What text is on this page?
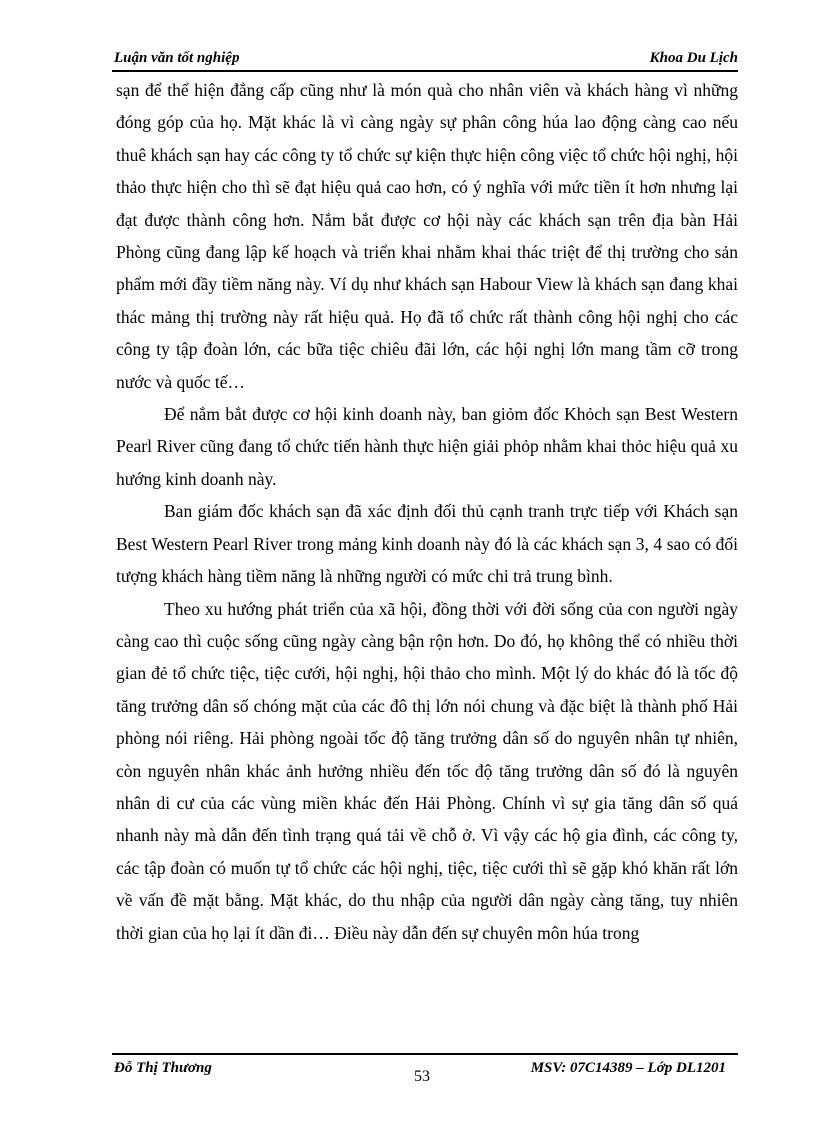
Luận văn tốt nghiệp	Khoa Du Lịch

sạn để thể hiện đẳng cấp cũng như là món quà cho nhân viên và khách hàng vì những đóng góp của họ. Mặt khác là vì càng ngày sự phân công húa lao động càng cao nếu thuê khách sạn hay các công ty tổ chức sự kiện thực hiện công việc tổ chức hội nghị, hội thảo thực hiện cho thì sẽ đạt hiệu quả cao hơn, có ý nghĩa với mức tiền ít hơn nhưng lại đạt được thành công hơn. Nắm bắt được cơ hội này các khách sạn trên địa bàn Hải Phòng cũng đang lập kế hoạch và triển khai nhằm khai thác triệt để thị trường cho sản phẩm mới đầy tiềm năng này. Ví dụ như khách sạn Habour View là khách sạn đang khai thác mảng thị trường này rất hiệu quả. Họ đã tổ chức rất thành công hội nghị cho các công ty tập đoàn lớn, các bữa tiệc chiêu đãi lớn, các hội nghị lớn mang tầm cỡ trong nước và quốc tế…

Để nắm bắt được cơ hội kinh doanh này, ban giỏm đốc Khỏch sạn Best Western Pearl River cũng đang tổ chức tiến hành thực hiện giải phỏp nhằm khai thỏc hiệu quả xu hướng kinh doanh này.

Ban giám đốc khách sạn đã xác định đối thủ cạnh tranh trực tiếp với Khách sạn Best Western Pearl River trong mảng kinh doanh này đó là các khách sạn 3, 4 sao có đối tượng khách hàng tiềm năng là những người có mức chi trả trung bình.

Theo xu hướng phát triển của xã hội, đồng thời với đời sống của con người ngày càng cao thì cuộc sống cũng ngày càng bận rộn hơn. Do đó, họ không thể có nhiều thời gian đẻ tổ chức tiệc, tiệc cưới, hội nghị, hội thảo cho mình. Một lý do khác đó là tốc độ tăng trưởng dân số chóng mặt của các đô thị lớn nói chung và đặc biệt là thành phố Hải phòng nói riêng. Hải phòng ngoài tốc độ tăng trưởng dân số do nguyên nhân tự nhiên, còn nguyên nhân khác ảnh hưởng nhiều đến tốc độ tăng trưởng dân số đó là nguyên nhân di cư của các vùng miền khác đến Hải Phòng. Chính vì sự gia tăng dân số quá nhanh này mà dẫn đến tình trạng quá tải về chỗ ở. Vì vậy các hộ gia đình, các công ty, các tập đoàn có muốn tự tổ chức các hội nghị, tiệc, tiệc cưới thì sẽ gặp khó khăn rất lớn về vấn đề mặt bằng. Mặt khác, do thu nhập của người dân ngày càng tăng, tuy nhiên thời gian của họ lại ít dần đi… Điều này dẫn đến sự chuyên môn húa trong

Đỗ Thị Thương	53	MSV: 07C14389 – Lớp DL1201
